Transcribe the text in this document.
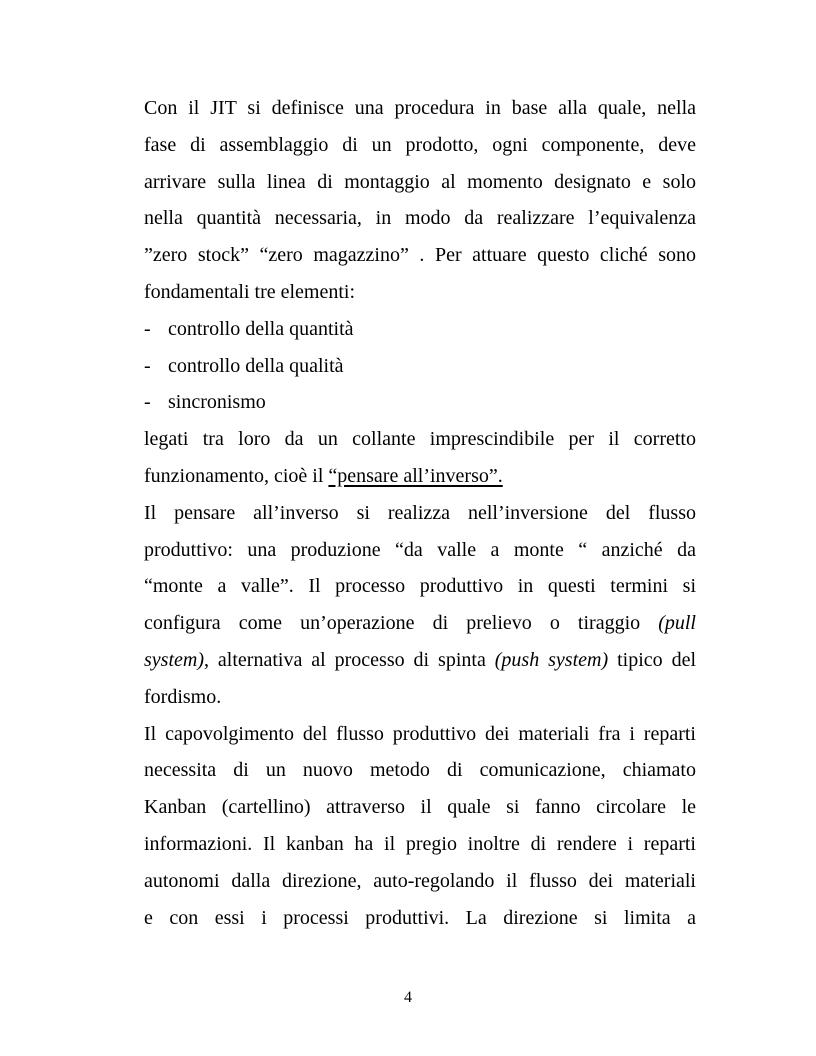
Con il JIT si definisce una procedura in base alla quale, nella
fase di assemblaggio di un prodotto, ogni componente, deve
arrivare sulla linea di montaggio al momento designato e solo
nella quantità necessaria, in modo da realizzare l’equivalenza
”zero stock” “zero magazzino” . Per attuare questo cliché sono
fondamentali tre elementi:
- controllo della quantità
- controllo della qualità
- sincronismo
legati tra loro da un collante imprescindibile per il corretto
funzionamento, cioè il “pensare all’inverso”.
Il pensare all’inverso si realizza nell’inversione del flusso
produttivo: una produzione “da valle a monte “ anziché da
“monte a valle”. Il processo produttivo in questi termini si
configura come un’operazione di prelievo o tiraggio (pull
system), alternativa al processo di spinta (push system) tipico del
fordismo.
Il capovolgimento del flusso produttivo dei materiali fra i reparti
necessita di un nuovo metodo di comunicazione, chiamato
Kanban (cartellino) attraverso il quale si fanno circolare le
informazioni. Il kanban ha il pregio inoltre di rendere i reparti
autonomi dalla direzione, auto-regolando il flusso dei materiali
e con essi i processi produttivi. La direzione si limita a
4
